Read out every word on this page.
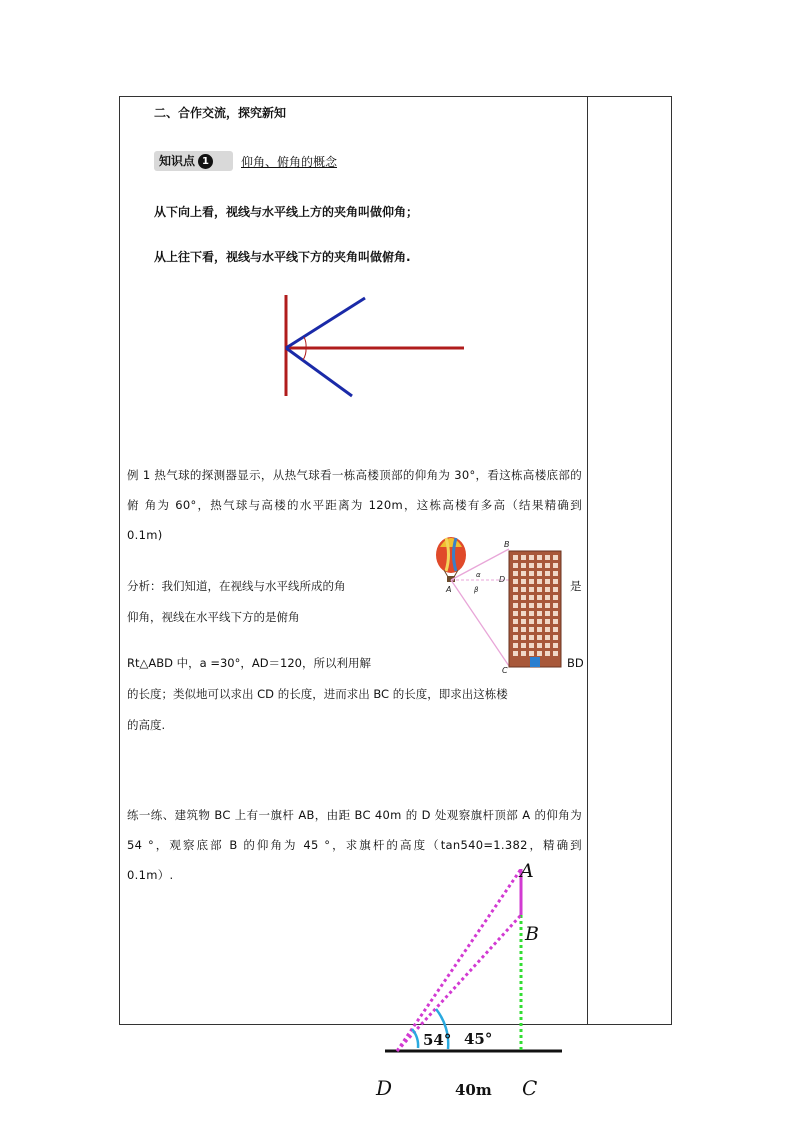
二、合作交流，探究新知
知识点 1	仰角、俯角的概念
从下向上看，视线与水平线上方的夹角叫做仰角；
从上往下看，视线与水平线下方的夹角叫做俯角.
例 1 热气球的探测器显示，从热气球看一栋高楼顶部的仰角为 30°，看这栋高楼底部的俯 角为 60°，热气球与高楼的水平距离为 120m，这栋高楼有多高（结果精确到 0.1m)
分析：我们知道，在视线与水平线所成的角	是
仰角，视线在水平线下方的是俯角
Rt△ABD 中，a =30°，AD＝120，所以利用解	BD
的长度；类似地可以求出 CD 的长度，进而求出 BC 的长度，即求出这栋楼
的高度.
B
D
A
C
α
β
练一练、建筑物 BC 上有一旗杆 AB，由距 BC 40m 的 D 处观察旗杆顶部 A 的仰角为 54 °，观察底部 B 的仰角为 45 °，求旗杆的高度（tan540=1.382，精确到 0.1m）.	A
B
54° 45°
D	40m C
